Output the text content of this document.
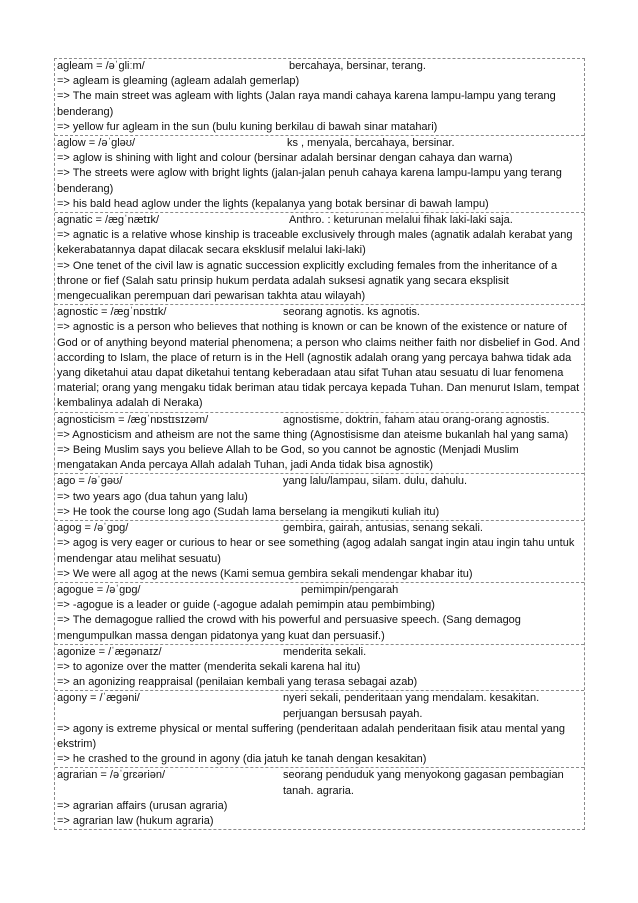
agleam = /əˈgliːm/	bercahaya, bersinar, terang.
=> agleam is gleaming (agleam adalah gemerlap)
=> The main street was agleam with lights (Jalan raya mandi cahaya karena lampu-lampu yang terang benderang)
=> yellow fur agleam in the sun (bulu kuning berkilau di bawah sinar matahari)
aglow = /əˈgləʊ/	ks , menyala, bercahaya, bersinar.
=> aglow is shining with light and colour (bersinar adalah bersinar dengan cahaya dan warna)
=> The streets were aglow with bright lights (jalan-jalan penuh cahaya karena lampu-lampu yang terang benderang)
=> his bald head aglow under the lights (kepalanya yang botak bersinar di bawah lampu)
agnatic = /ægˈnætɪk/	Anthro. : keturunan melalui fihak laki-laki saja.
=> agnatic is a relative whose kinship is traceable exclusively through males (agnatik adalah kerabat yang kekerabatannya dapat dilacak secara eksklusif melalui laki-laki)
=> One tenet of the civil law is agnatic succession explicitly excluding females from the inheritance of a throne or fief (Salah satu prinsip hukum perdata adalah suksesi agnatik yang secara eksplisit mengecualikan perempuan dari pewarisan takhta atau wilayah)
agnostic = /ægˈnɒstɪk/	seorang agnotis. ks agnotis.
=> agnostic is a person who believes that nothing is known or can be known of the existence or nature of God or of anything beyond material phenomena; a person who claims neither faith nor disbelief in God. And according to Islam, the place of return is in the Hell (agnostik adalah orang yang percaya bahwa tidak ada yang diketahui atau dapat diketahui tentang keberadaan atau sifat Tuhan atau sesuatu di luar fenomena material; orang yang mengaku tidak beriman atau tidak percaya kepada Tuhan. Dan menurut Islam, tempat kembalinya adalah di Neraka)
agnosticism = /ægˈnɒstɪsɪzəm/	agnostisme, doktrin, faham atau orang-orang agnostis.
=> Agnosticism and atheism are not the same thing (Agnostisisme dan ateisme bukanlah hal yang sama)
=> Being Muslim says you believe Allah to be God, so you cannot be agnostic (Menjadi Muslim mengatakan Anda percaya Allah adalah Tuhan, jadi Anda tidak bisa agnostik)
ago = /əˈgəʊ/	yang lalu/lampau, silam. dulu, dahulu.
=> two years ago (dua tahun yang lalu)
=> He took the course long ago (Sudah lama berselang ia mengikuti kuliah itu)
agog = /əˈgɒg/	gembira, gairah, antusias, senang sekali.
=> agog is very eager or curious to hear or see something (agog adalah sangat ingin atau ingin tahu untuk mendengar atau melihat sesuatu)
=> We were all agog at the news (Kami semua gembira sekali mendengar khabar itu)
agogue = /əˈgɒg/	pemimpin/pengarah
=> -agogue is a leader or guide (-agogue adalah pemimpin atau pembimbing)
=> The demagogue rallied the crowd with his powerful and persuasive speech. (Sang demagog mengumpulkan massa dengan pidatonya yang kuat dan persuasif.)
agonize = /ˈægənaɪz/	menderita sekali.
=> to agonize over the matter (menderita sekali karena hal itu)
=> an agonizing reappraisal (penilaian kembali yang terasa sebagai azab)
agony = /ˈægəni/	nyeri sekali, penderitaan yang mendalam. kesakitan. perjuangan bersusah payah.
=> agony is extreme physical or mental suffering (penderitaan adalah penderitaan fisik atau mental yang ekstrim)
=> he crashed to the ground in agony (dia jatuh ke tanah dengan kesakitan)
agrarian = /əˈgrɛəriən/	seorang penduduk yang menyokong gagasan pembagian tanah. agraria.
=> agrarian affairs (urusan agraria)
=> agrarian law (hukum agraria)
